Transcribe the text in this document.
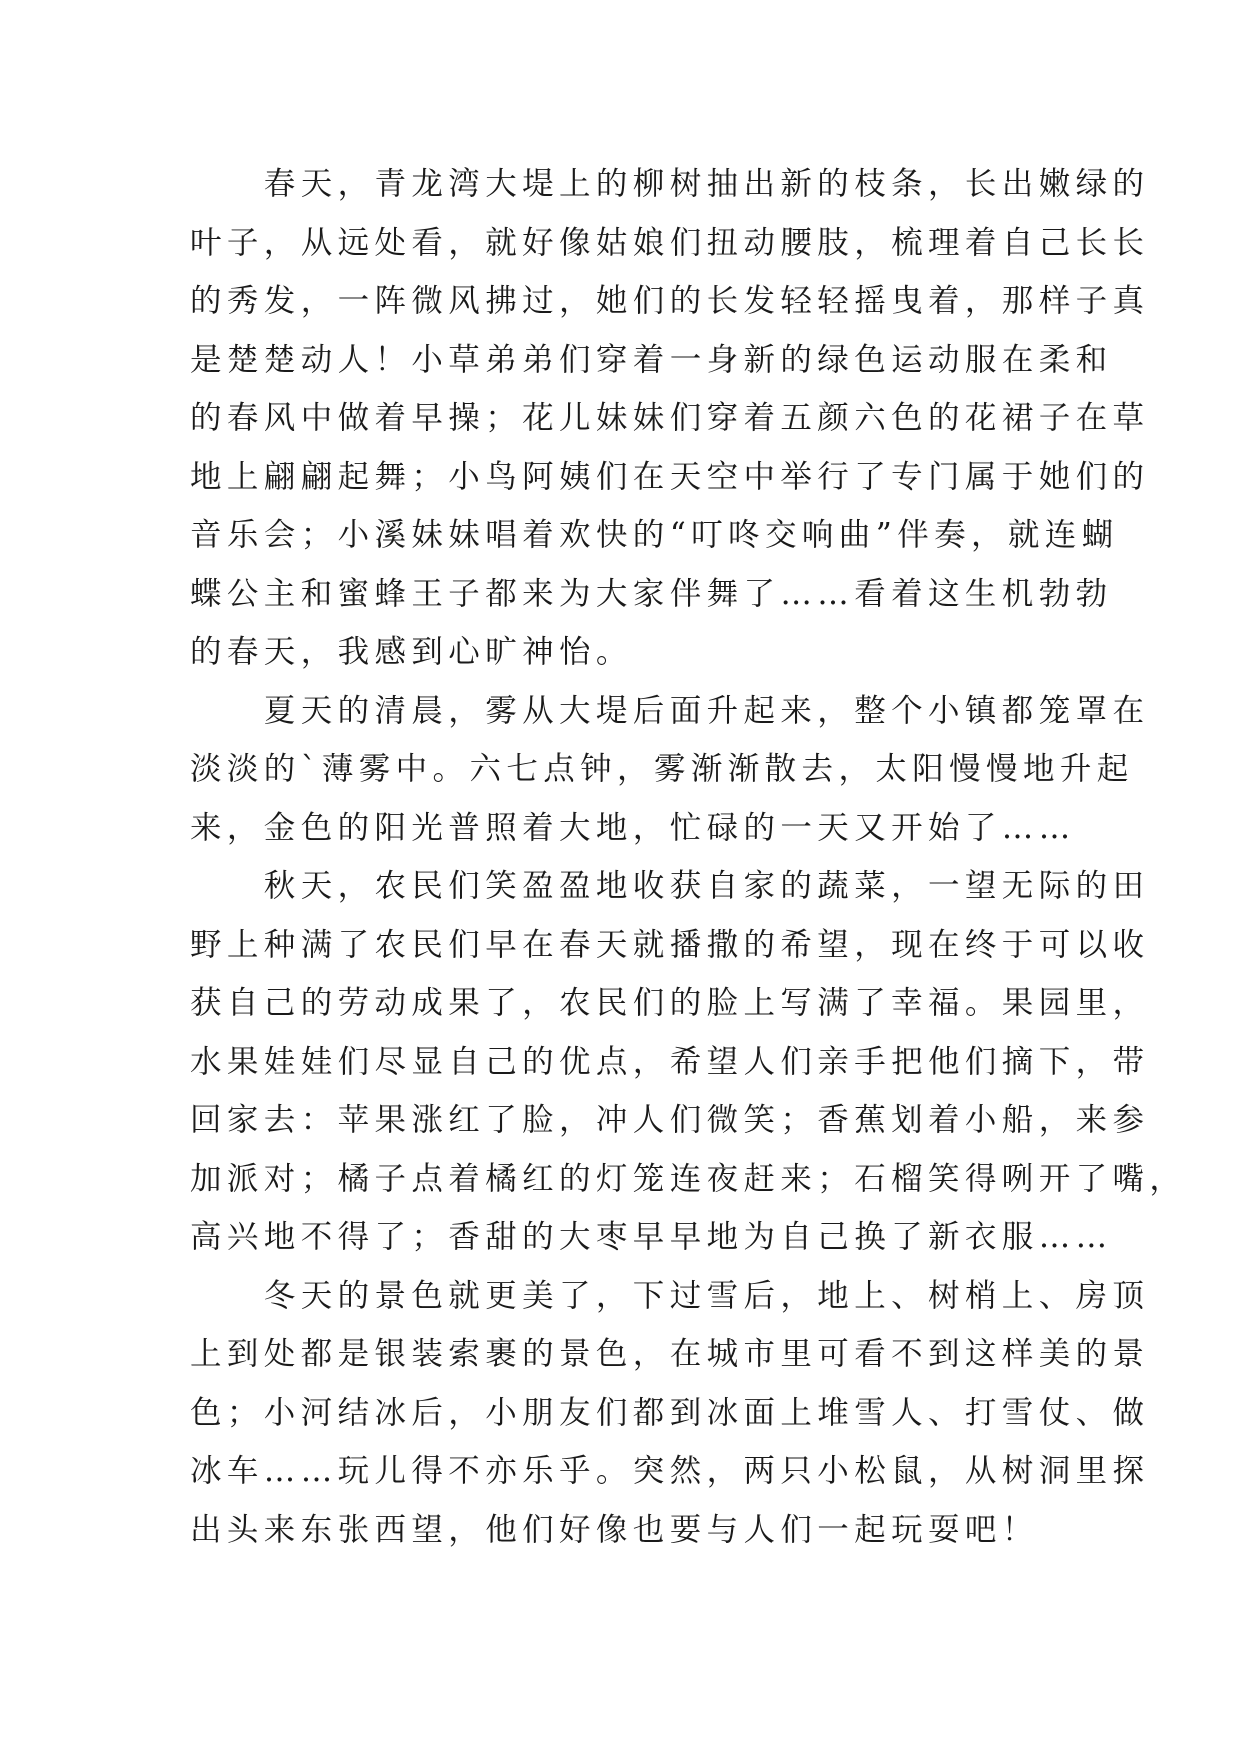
　　春天，青龙湾大堤上的柳树抽出新的枝条，长出嫩绿的
叶子，从远处看，就好像姑娘们扭动腰肢，梳理着自己长长
的秀发，一阵微风拂过，她们的长发轻轻摇曳着，那样子真
是楚楚动人！小草弟弟们穿着一身新的绿色运动服在柔和
的春风中做着早操；花儿妹妹们穿着五颜六色的花裙子在草
地上翩翩起舞；小鸟阿姨们在天空中举行了专门属于她们的
音乐会；小溪妹妹唱着欢快的“叮咚交响曲”伴奏，就连蝴
蝶公主和蜜蜂王子都来为大家伴舞了……看着这生机勃勃
的春天，我感到心旷神怡。
　　夏天的清晨，雾从大堤后面升起来，整个小镇都笼罩在
淡淡的`薄雾中。六七点钟，雾渐渐散去，太阳慢慢地升起
来，金色的阳光普照着大地，忙碌的一天又开始了……
　　秋天，农民们笑盈盈地收获自家的蔬菜，一望无际的田
野上种满了农民们早在春天就播撒的希望，现在终于可以收
获自己的劳动成果了，农民们的脸上写满了幸福。果园里，
水果娃娃们尽显自己的优点，希望人们亲手把他们摘下，带
回家去：苹果涨红了脸，冲人们微笑；香蕉划着小船，来参
加派对；橘子点着橘红的灯笼连夜赶来；石榴笑得咧开了嘴，
高兴地不得了；香甜的大枣早早地为自己换了新衣服……
　　冬天的景色就更美了，下过雪后，地上、树梢上、房顶
上到处都是银装索裹的景色，在城市里可看不到这样美的景
色；小河结冰后，小朋友们都到冰面上堆雪人、打雪仗、做
冰车……玩儿得不亦乐乎。突然，两只小松鼠，从树洞里探
出头来东张西望，他们好像也要与人们一起玩耍吧！
